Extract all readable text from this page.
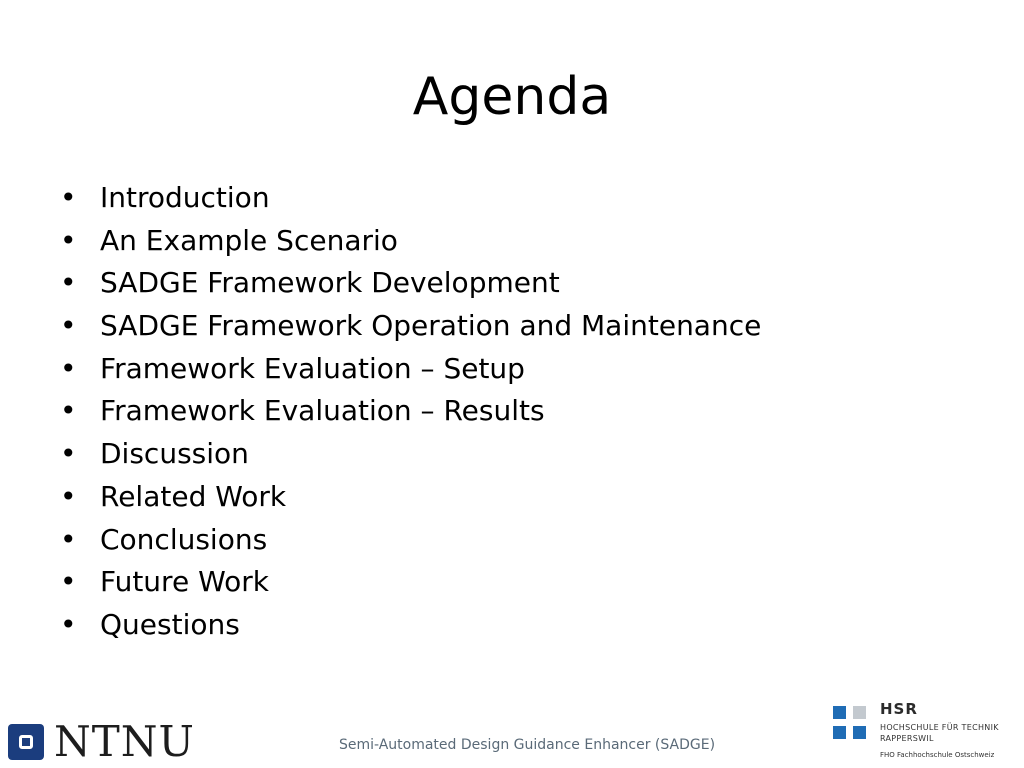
Agenda
• Introduction
• An Example Scenario
• SADGE Framework Development
• SADGE Framework Operation and Maintenance
• Framework Evaluation – Setup
• Framework Evaluation – Results
• Discussion
• Related Work
• Conclusions
• Future Work
• Questions
NTNU	Semi-Automated Design Guidance Enhancer (SADGE)
HSR
HOCHSCHULE FÜR TECHNIK
RAPPERSWIL
FHO Fachhochschule Ostschweiz
